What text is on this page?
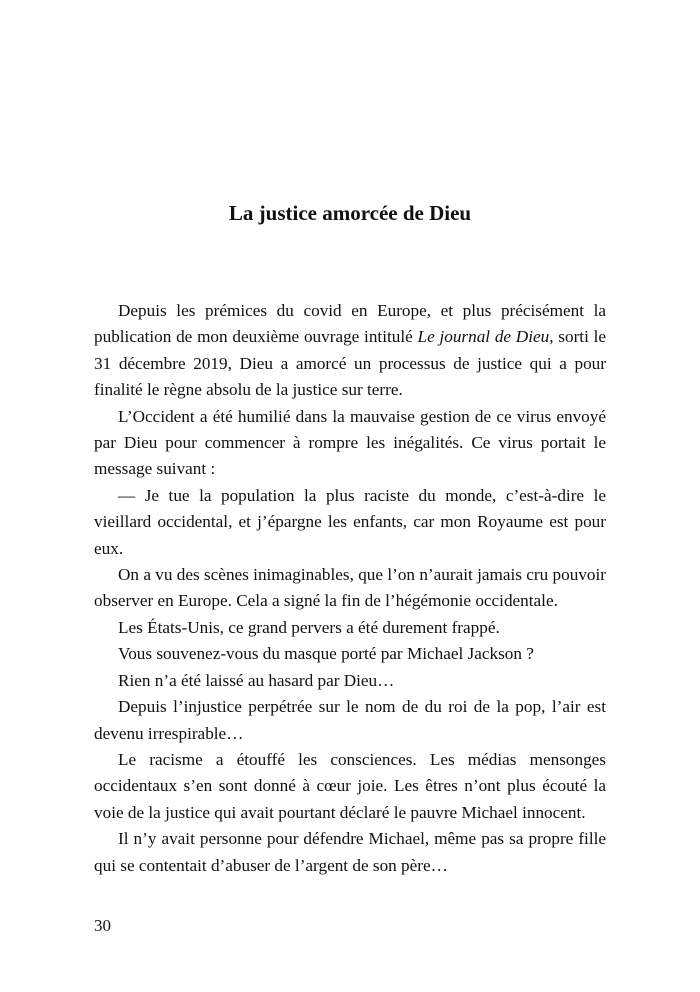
La justice amorcée de Dieu

Depuis les prémices du covid en Europe, et plus précisément la publication de mon deuxième ouvrage intitulé Le journal de Dieu, sorti le 31 décembre 2019, Dieu a amorcé un processus de justice qui a pour finalité le règne absolu de la justice sur terre.

L’Occident a été humilié dans la mauvaise gestion de ce virus envoyé par Dieu pour commencer à rompre les inégalités. Ce virus portait le message suivant :

— Je tue la population la plus raciste du monde, c’est-à-dire le vieillard occidental, et j’épargne les enfants, car mon Royaume est pour eux.

On a vu des scènes inimaginables, que l’on n’aurait jamais cru pouvoir observer en Europe. Cela a signé la fin de l’hégémonie occidentale.

Les États-Unis, ce grand pervers a été durement frappé.

Vous souvenez-vous du masque porté par Michael Jackson ?

Rien n’a été laissé au hasard par Dieu…

Depuis l’injustice perpétrée sur le nom de du roi de la pop, l’air est devenu irrespirable…

Le racisme a étouffé les consciences. Les médias mensonges occidentaux s’en sont donné à cœur joie. Les êtres n’ont plus écouté la voie de la justice qui avait pourtant déclaré le pauvre Michael innocent.

Il n’y avait personne pour défendre Michael, même pas sa propre fille qui se contentait d’abuser de l’argent de son père…

30
